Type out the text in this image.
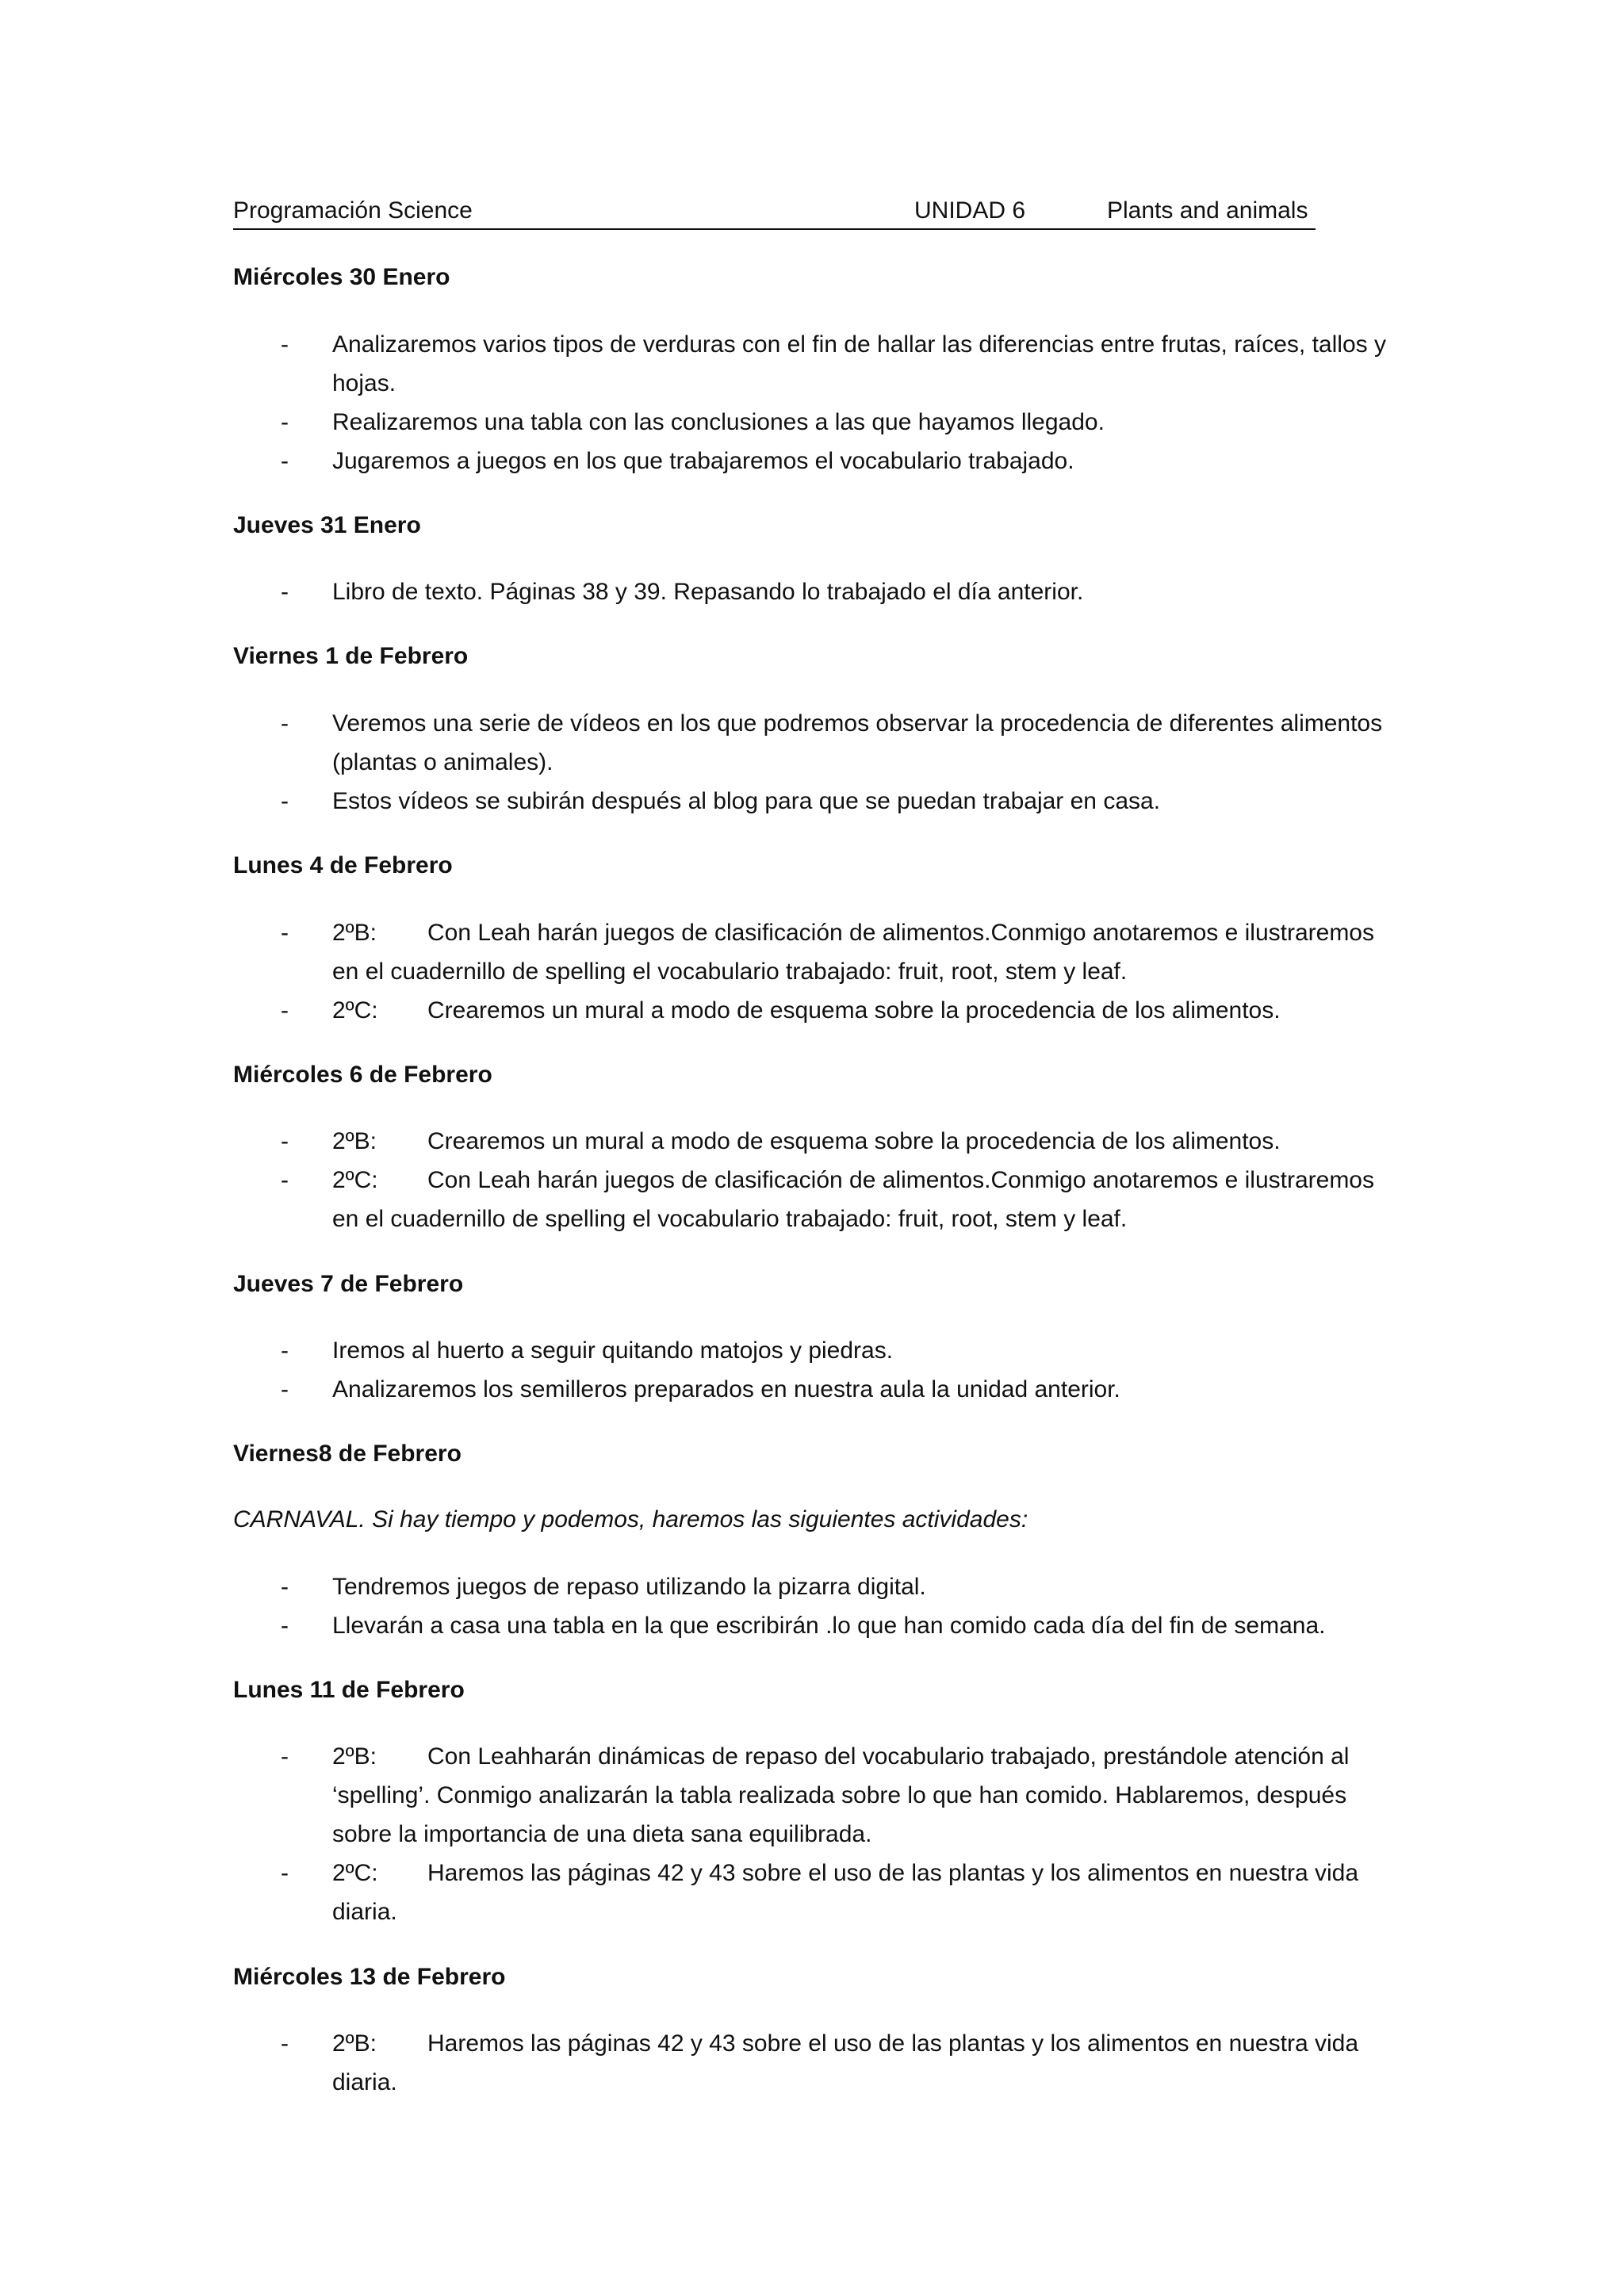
Programación Science	UNIDAD 6	Plants and animals
Miércoles 30 Enero
- Analizaremos varios tipos de verduras con el fin de hallar las diferencias entre frutas, raíces, tallos y hojas.
- Realizaremos una tabla con las conclusiones a las que hayamos llegado.
- Jugaremos a juegos en los que trabajaremos el vocabulario trabajado.
Jueves 31 Enero
- Libro de texto. Páginas 38 y 39. Repasando lo trabajado el día anterior.
Viernes 1 de Febrero
- Veremos una serie de vídeos en los que podremos observar la procedencia de diferentes alimentos (plantas o animales).
- Estos vídeos se subirán después al blog para que se puedan trabajar en casa.
Lunes 4 de Febrero
- 2ºB: Con Leah harán juegos de clasificación de alimentos.Conmigo anotaremos e ilustraremos en el cuadernillo de spelling el vocabulario trabajado: fruit, root, stem y leaf.
- 2ºC: Crearemos un mural a modo de esquema sobre la procedencia de los alimentos.
Miércoles 6 de Febrero
- 2ºB: Crearemos un mural a modo de esquema sobre la procedencia de los alimentos.
- 2ºC: Con Leah harán juegos de clasificación de alimentos.Conmigo anotaremos e ilustraremos en el cuadernillo de spelling el vocabulario trabajado: fruit, root, stem y leaf.
Jueves 7 de Febrero
- Iremos al huerto a seguir quitando matojos y piedras.
- Analizaremos los semilleros preparados en nuestra aula la unidad anterior.
Viernes8 de Febrero
CARNAVAL. Si hay tiempo y podemos, haremos las siguientes actividades:
- Tendremos juegos de repaso utilizando la pizarra digital.
- Llevarán a casa una tabla en la que escribirán .lo que han comido cada día del fin de semana.
Lunes 11 de Febrero
- 2ºB: Con Leahharán dinámicas de repaso del vocabulario trabajado, prestándole atención al ‘spelling’. Conmigo analizarán la tabla realizada sobre lo que han comido. Hablaremos, después sobre la importancia de una dieta sana equilibrada.
- 2ºC: Haremos las páginas 42 y 43 sobre el uso de las plantas y los alimentos en nuestra vida diaria.
Miércoles 13 de Febrero
- 2ºB: Haremos las páginas 42 y 43 sobre el uso de las plantas y los alimentos en nuestra vida diaria.
